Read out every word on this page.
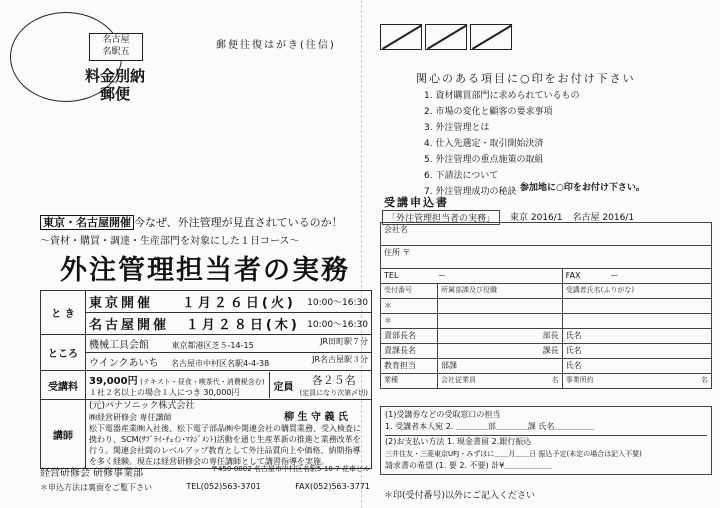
名古屋
名駅五
料金別納
郵便
郵便往復はがき(往信)
東京・名古屋開催 今なぜ、外注管理が見直されているのか！
～資材・購買・調達・生産部門を対象にした１日コース～
外注管理担当者の実務
と き	東京開催 １月２６日(火) 10:00～16:30

	名古屋開催 １月２８日(木) 10:00～16:30

ところ	機械工具会館 東京都港区芝５-14-15 JR田町駅７分

	ウインクあいち 名古屋市中村区名駅4-4-38 JR名古屋駅３分

受講料	39,000円 (テキスト・昼食・喫茶代・消費税含む)
１社２名以上の場合１人につき 30,000円 定員 各２５名
(定員になり次第〆切)

講師	(元)パナソニック株式会社
㈱経営研修会 専任講師 柳 生 守 義 氏
松下電器産業㈱入社後、松下電子部品㈱や関連会社の購買業務、受入検査に携わり、SCM(ｻﾌﾟﾗｲ･ﾁｪｲﾝ･ﾏﾈｼﾞﾒﾝﾄ)活動を通じ生産革新の推進と業務改革を行う。関連会社間のレベルアップ教育として外注品質向上や価格、納期指導を多く経験。現在は経営研修会の専任講師として講習指導を実施。
経営研修会 研修事業部	〒450-0002 名古屋市中村区名駅5-10-7 花車ビル
＊申込方法は裏面をご覧下さい	TEL(052)563-3701	FAX(052)563-3771
関心のある項目に○印をお付け下さい
1. 資材購買部門に求められているもの
2. 市場の変化と顧客の要求事項
3. 外注管理とは
4. 仕入先選定・取引開始決済
5. 外注管理の重点施策の取組
6. 下請法について
7. 外注管理成功の秘訣 参加地に○印をお付け下さい。
受講申込書
「外注管理担当者の実務」	東京 2016/1 名古屋 2016/1
会社名		
住所 〒		
TEL ー		FAX ー
受付番号	所属部課及び役職	受講者氏名(ふりがな)
＊		
＊		
責部長名	部長	氏名
責課長名	課長	氏名
教育担当	部課	氏名
業種	会社従業員 名	事業所約 名
(1)受講券などの受取窓口の担当
1. 受講者本人宛 2. ＿＿＿＿部＿＿＿＿課 氏名＿＿＿＿＿
(2)お支払い方法 1. 現金書留 2.銀行振込
三井住友・三菱東京UFJ・みずほに＿＿月＿＿日 振込予定(未定の場合は記入不要)
請求書の希望 (1. 要 2. 不要) 計¥＿＿＿＿＿＿
＊印(受付番号)以外にご記入ください
